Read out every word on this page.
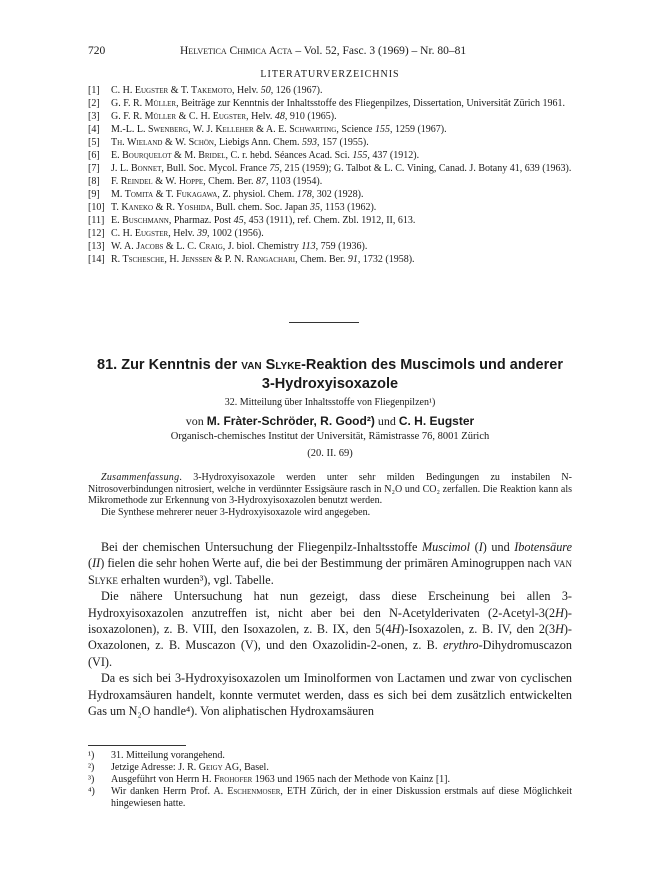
720	Helvetica Chimica Acta – Vol. 52, Fasc. 3 (1969) – Nr. 80–81
LITERATURVERZEICHNIS
[1] C. H. Eugster & T. Takemoto, Helv. 50, 126 (1967).
[2] G. F. R. Müller, Beiträge zur Kenntnis der Inhaltsstoffe des Fliegenpilzes, Dissertation, Universität Zürich 1961.
[3] G. F. R. Müller & C. H. Eugster, Helv. 48, 910 (1965).
[4] M.-L. L. Swenberg, W. J. Kelleher & A. E. Schwarting, Science 155, 1259 (1967).
[5] Th. Wieland & W. Schön, Liebigs Ann. Chem. 593, 157 (1955).
[6] E. Bourquelot & M. Bridel, C. r. hebd. Séances Acad. Sci. 155, 437 (1912).
[7] J. L. Bonnet, Bull. Soc. Mycol. France 75, 215 (1959); G. Talbot & L. C. Vining, Canad. J. Botany 41, 639 (1963).
[8] F. Reindel & W. Hoppe, Chem. Ber. 87, 1103 (1954).
[9] M. Tomita & T. Fukagawa, Z. physiol. Chem. 178, 302 (1928).
[10] T. Kaneko & R. Yoshida, Bull. chem. Soc. Japan 35, 1153 (1962).
[11] E. Buschmann, Pharmaz. Post 45, 453 (1911), ref. Chem. Zbl. 1912, II, 613.
[12] C. H. Eugster, Helv. 39, 1002 (1956).
[13] W. A. Jacobs & L. C. Craig, J. biol. Chemistry 113, 759 (1936).
[14] R. Tschesche, H. Jenssen & P. N. Rangachari, Chem. Ber. 91, 1732 (1958).
81. Zur Kenntnis der van Slyke-Reaktion des Muscimols und anderer
3-Hydroxyisoxazole
32. Mitteilung über Inhaltsstoffe von Fliegenpilzen¹)
von M. Fràter-Schröder, R. Good²) und C. H. Eugster
Organisch-chemisches Institut der Universität, Rämistrasse 76, 8001 Zürich
(20. II. 69)

Zusammenfassung. 3-Hydroxyisoxazole werden unter sehr milden Bedingungen zu instabilen N-Nitrosoverbindungen nitrosiert, welche in verdünnter Essigsäure rasch in N₂O und CO₂ zerfallen. Die Reaktion kann als Mikromethode zur Erkennung von 3-Hydroxyisoxazolen benutzt werden.

Die Synthese mehrerer neuer 3-Hydroxyisoxazole wird angegeben.

Bei der chemischen Untersuchung der Fliegenpilz-Inhaltsstoffe Muscimol (I) und Ibotensäure (II) fielen die sehr hohen Werte auf, die bei der Bestimmung der primären Aminogruppen nach van Slyke erhalten wurden³), vgl. Tabelle.

Die nähere Untersuchung hat nun gezeigt, dass diese Erscheinung bei allen 3-Hydroxyisoxazolen anzutreffen ist, nicht aber bei den N-Acetylderivaten (2-Acetyl-3(2H)-isoxazolonen), z. B. VIII, den Isoxazolen, z. B. IX, den 5(4H)-Isoxazolen, z. B. IV, den 2(3H)-Oxazolonen, z. B. Muscazon (V), und den Oxazolidin-2-onen, z. B. erythro-Dihydromuscazon (VI).

Da es sich bei 3-Hydroxyisoxazolen um Iminolformen von Lactamen und zwar von cyclischen Hydroxamsäuren handelt, konnte vermutet werden, dass es sich bei dem zusätzlich entwickelten Gas um N₂O handle⁴). Von aliphatischen Hydroxamsäuren

¹) 31. Mitteilung vorangehend.
²) Jetzige Adresse: J. R. Geigy AG, Basel.
³) Ausgeführt von Herrn H. Frohofer 1963 und 1965 nach der Methode von Kainz [1].
⁴) Wir danken Herrn Prof. A. Eschenmoser, ETH Zürich, der in einer Diskussion erstmals auf diese Möglichkeit hingewiesen hatte.
